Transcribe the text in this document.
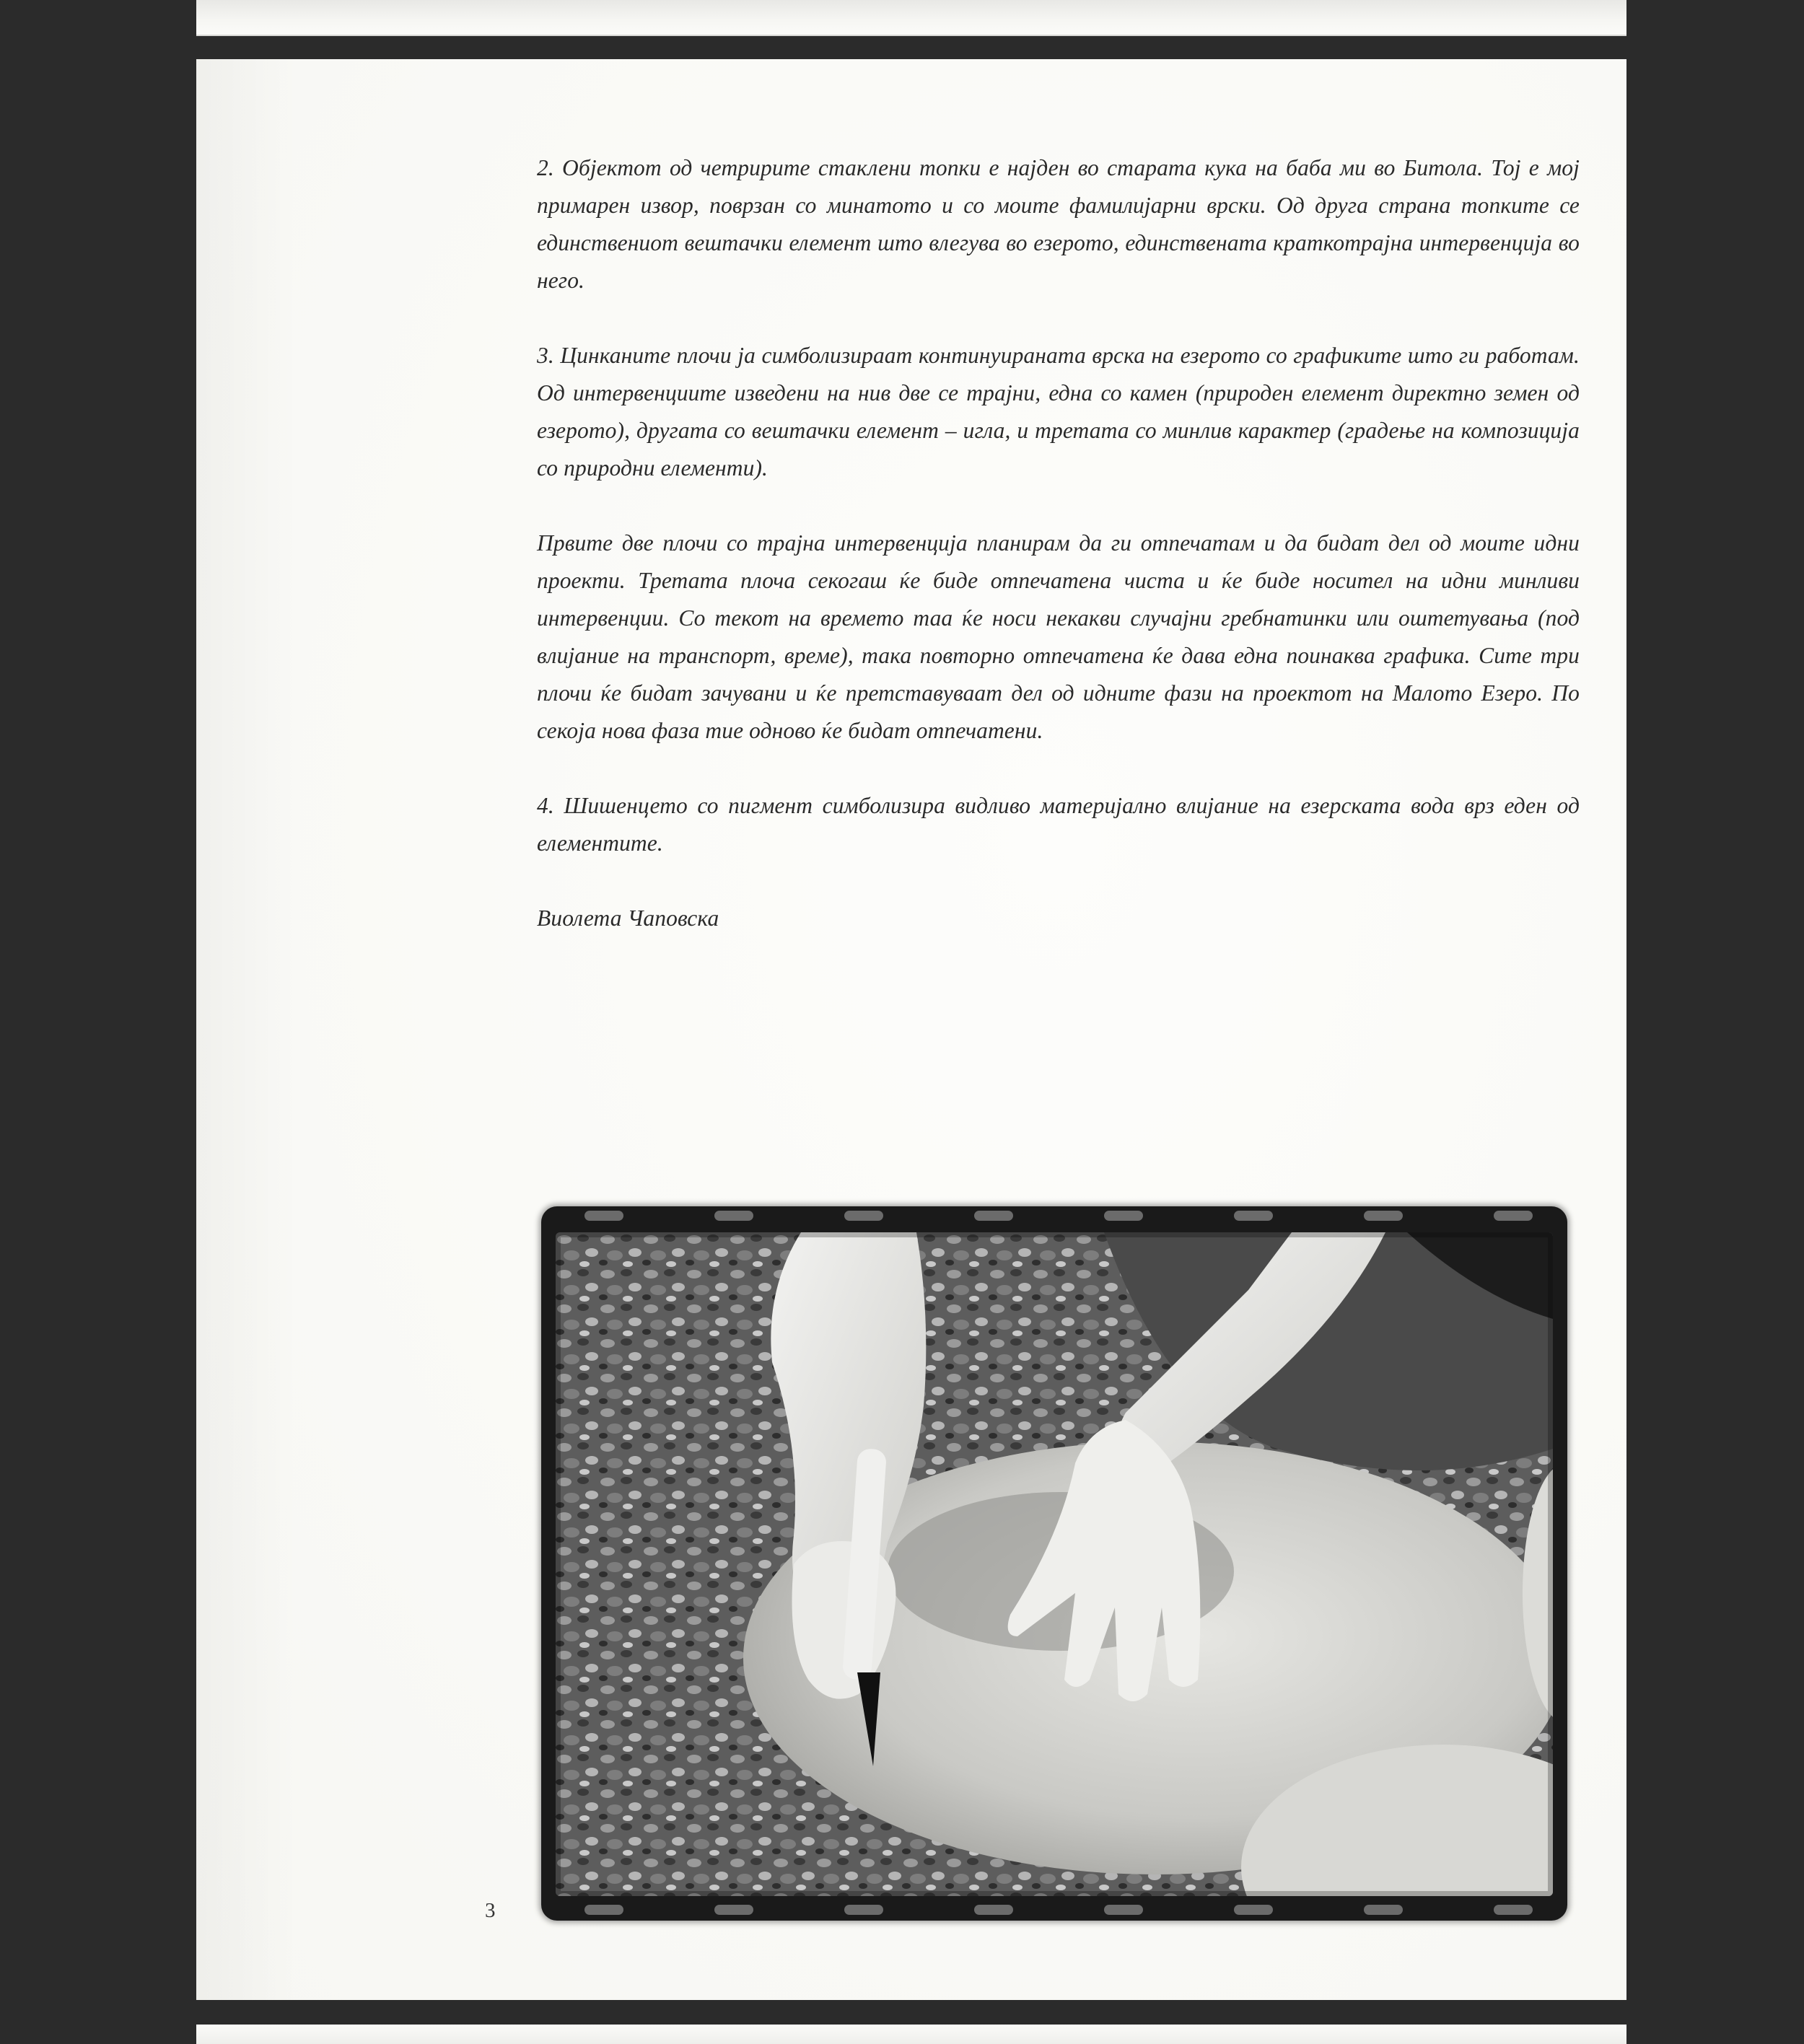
2. Објектот од четририте стаклени топки е најден во старата кука на баба ми во Битола. Тој е мој примарен извор, поврзан со минатото и со моите фамилијарни врски. Од друга страна топките се единствениот вештачки елемент што влегува во езерото, единствената краткотрајна интервенција во него.

3. Цинканите плочи ја симболизираат континуираната врска на езерото со графиките што ги работам. Од интервенциите изведени на нив две се трајни, една со камен (природен елемент директно земен од езерото), другата со вештачки елемент – игла, и третата со минлив карактер (градење на композиција со природни елементи).

Првите две плочи со трајна интервенција планирам да ги отпечатам и да бидат дел од моите идни проекти. Третата плоча секогаш ќе биде отпечатена чиста и ќе биде носител на идни минливи интервенции. Со текот на времето таа ќе носи некакви случајни гребнатинки или оштетувања (под влијание на транспорт, време), така повторно отпечатена ќе дава една поинаква графика. Сите три плочи ќе бидат зачувани и ќе претставуваат дел од идните фази на проектот на Малото Езеро. По секоја нова фаза тие одново ќе бидат отпечатени.

4. Шишенцето со пигмент симболизира видливо материјално влијание на езерската вода врз еден од елементите.

Виолета Чаповска

3
